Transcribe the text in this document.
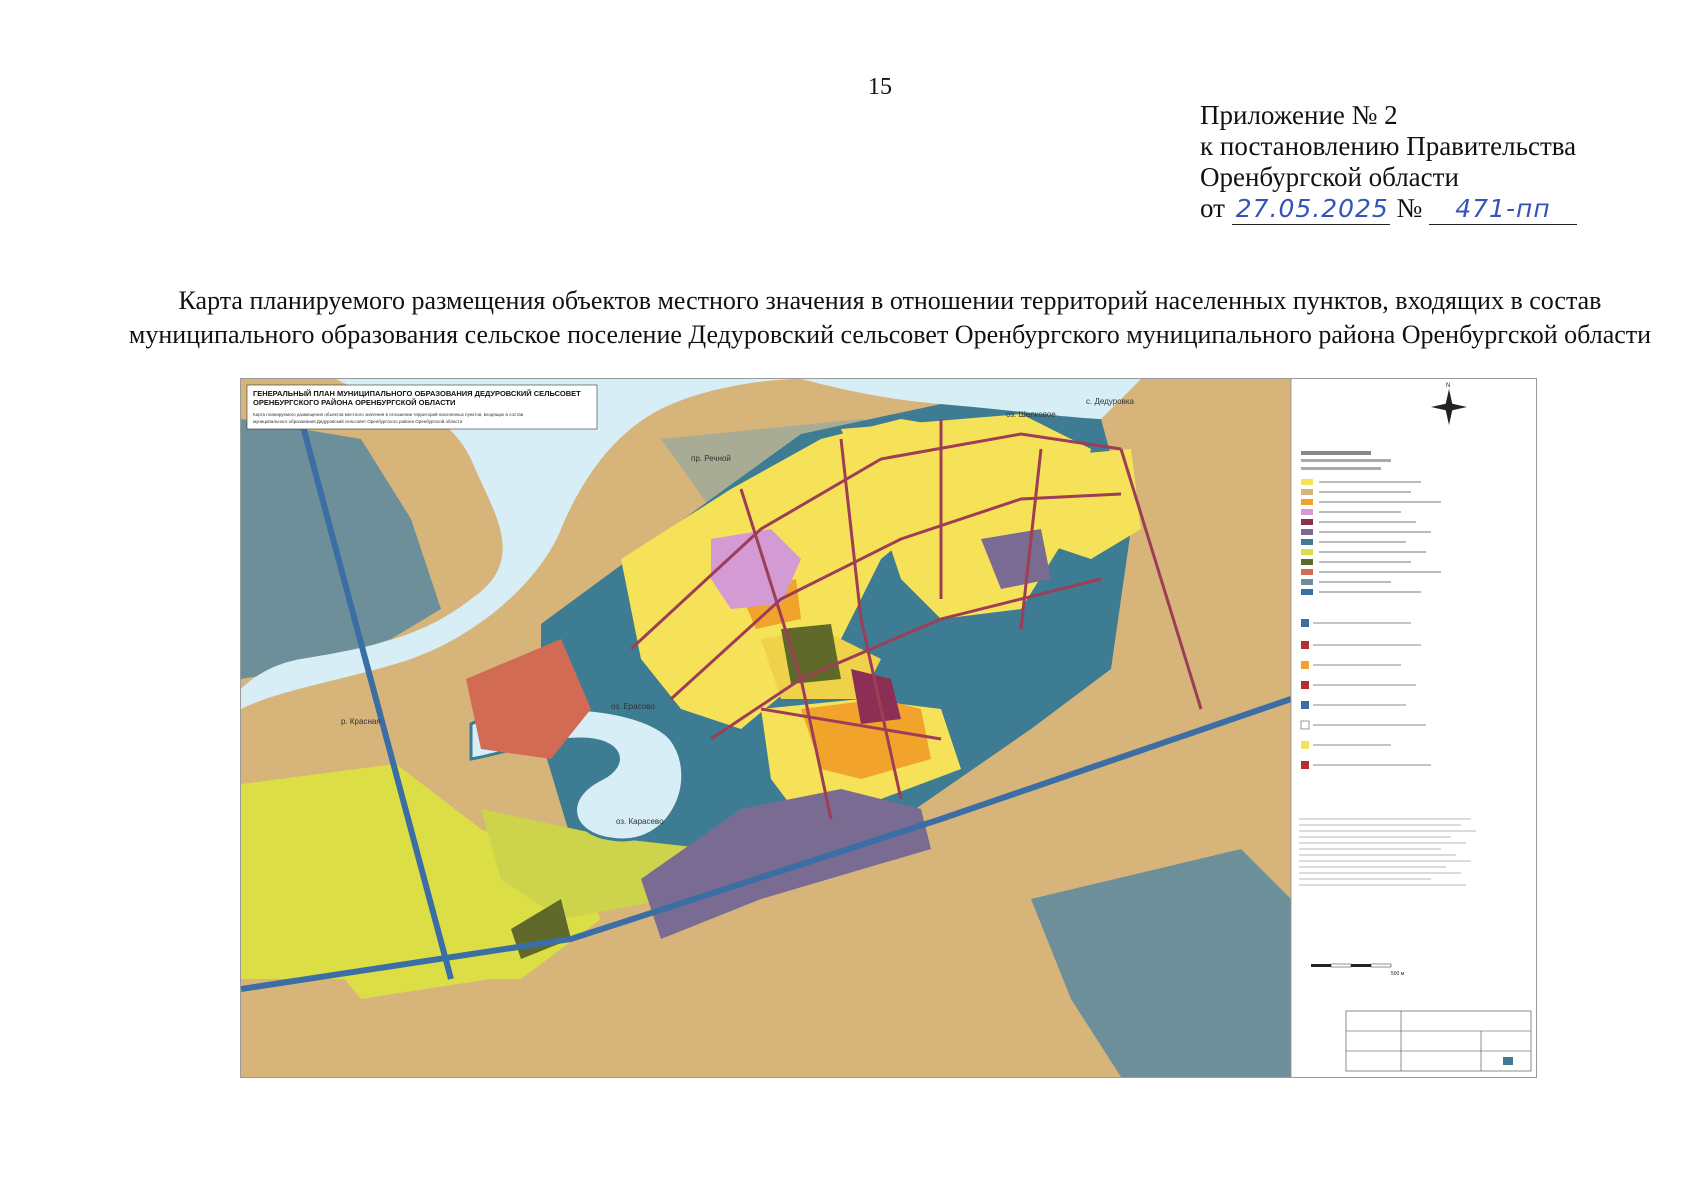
15
Приложение № 2
к постановлению Правительства
Оренбургской области
от 27.05.2025 № 471-пп
Карта планируемого размещения объектов местного значения в отношении территорий населенных пунктов, входящих в состав муниципального образования сельское поселение Дедуровский сельсовет Оренбургского муниципального района Оренбургской области
пр. Речной
оз. Шелковое
с. Дедуровка
р. Красная
оз. Ерасово
оз. Карасево
ГЕНЕРАЛЬНЫЙ ПЛАН МУНИЦИПАЛЬНОГО ОБРАЗОВАНИЯ ДЕДУРОВСКИЙ СЕЛЬСОВЕТ
ОРЕНБУРГСКОГО РАЙОНА ОРЕНБУРГСКОЙ ОБЛАСТИ
Карта планируемого размещения объектов местного значения в отношении территорий населенных пунктов, входящих в состав
муниципального образования Дедуровский сельсовет Оренбургского района Оренбургской области
N
500 м
